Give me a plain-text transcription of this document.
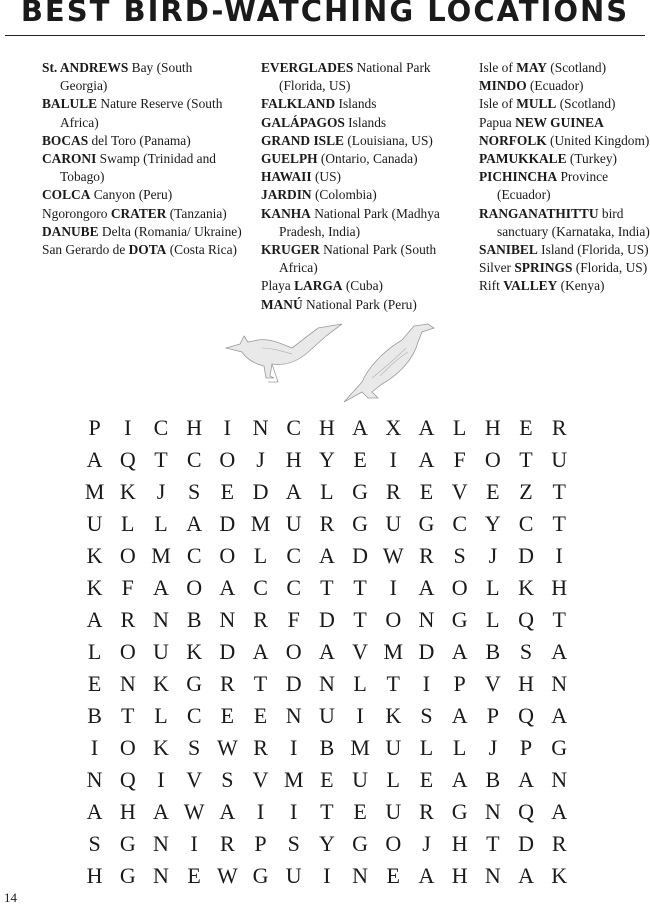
BEST BIRD-WATCHING LOCATIONS
St. ANDREWS Bay (South Georgia)
BALULE Nature Reserve (South Africa)
BOCAS del Toro (Panama)
CARONI Swamp (Trinidad and Tobago)
COLCA Canyon (Peru)
Ngorongoro CRATER (Tanzania)
DANUBE Delta (Romania/ Ukraine)
San Gerardo de DOTA (Costa Rica)
EVERGLADES National Park (Florida, US)
FALKLAND Islands
GALÁPAGOS Islands
GRAND ISLE (Louisiana, US)
GUELPH (Ontario, Canada)
HAWAII (US)
JARDIN (Colombia)
KANHA National Park (Madhya Pradesh, India)
KRUGER National Park (South Africa)
Playa LARGA (Cuba)
MANÚ National Park (Peru)
Isle of MAY (Scotland)
MINDO (Ecuador)
Isle of MULL (Scotland)
Papua NEW GUINEA
NORFOLK (United Kingdom)
PAMUKKALE (Turkey)
PICHINCHA Province (Ecuador)
RANGANATHITTU bird sanctuary (Karnataka, India)
SANIBEL Island (Florida, US)
Silver SPRINGS (Florida, US)
Rift VALLEY (Kenya)
P	I	C H I N C H A X A L H E R
A Q T C O J H Y E	I A F O T U
M K J	S E D A L G R E V E Z T
U L L A D M U R G U G C Y C T
K O M C O L C A D W R S	J D I
K F A O A C C T T	I A O L K H
A R N B N R F D T O N G L Q T
L O U K D A O A V M D A B S A
E N K G R T D N L T	I	P V H N
B T L C E E N U I K S A P Q A
I O K S W R	I	B M U L L	J	P G
N Q I V S V M E U L E A B A N
A H A W A I	I	T E U R G N Q A
S G N I	R P S Y G O J H T D R
H G N E W G U I N E A H N A K
14
